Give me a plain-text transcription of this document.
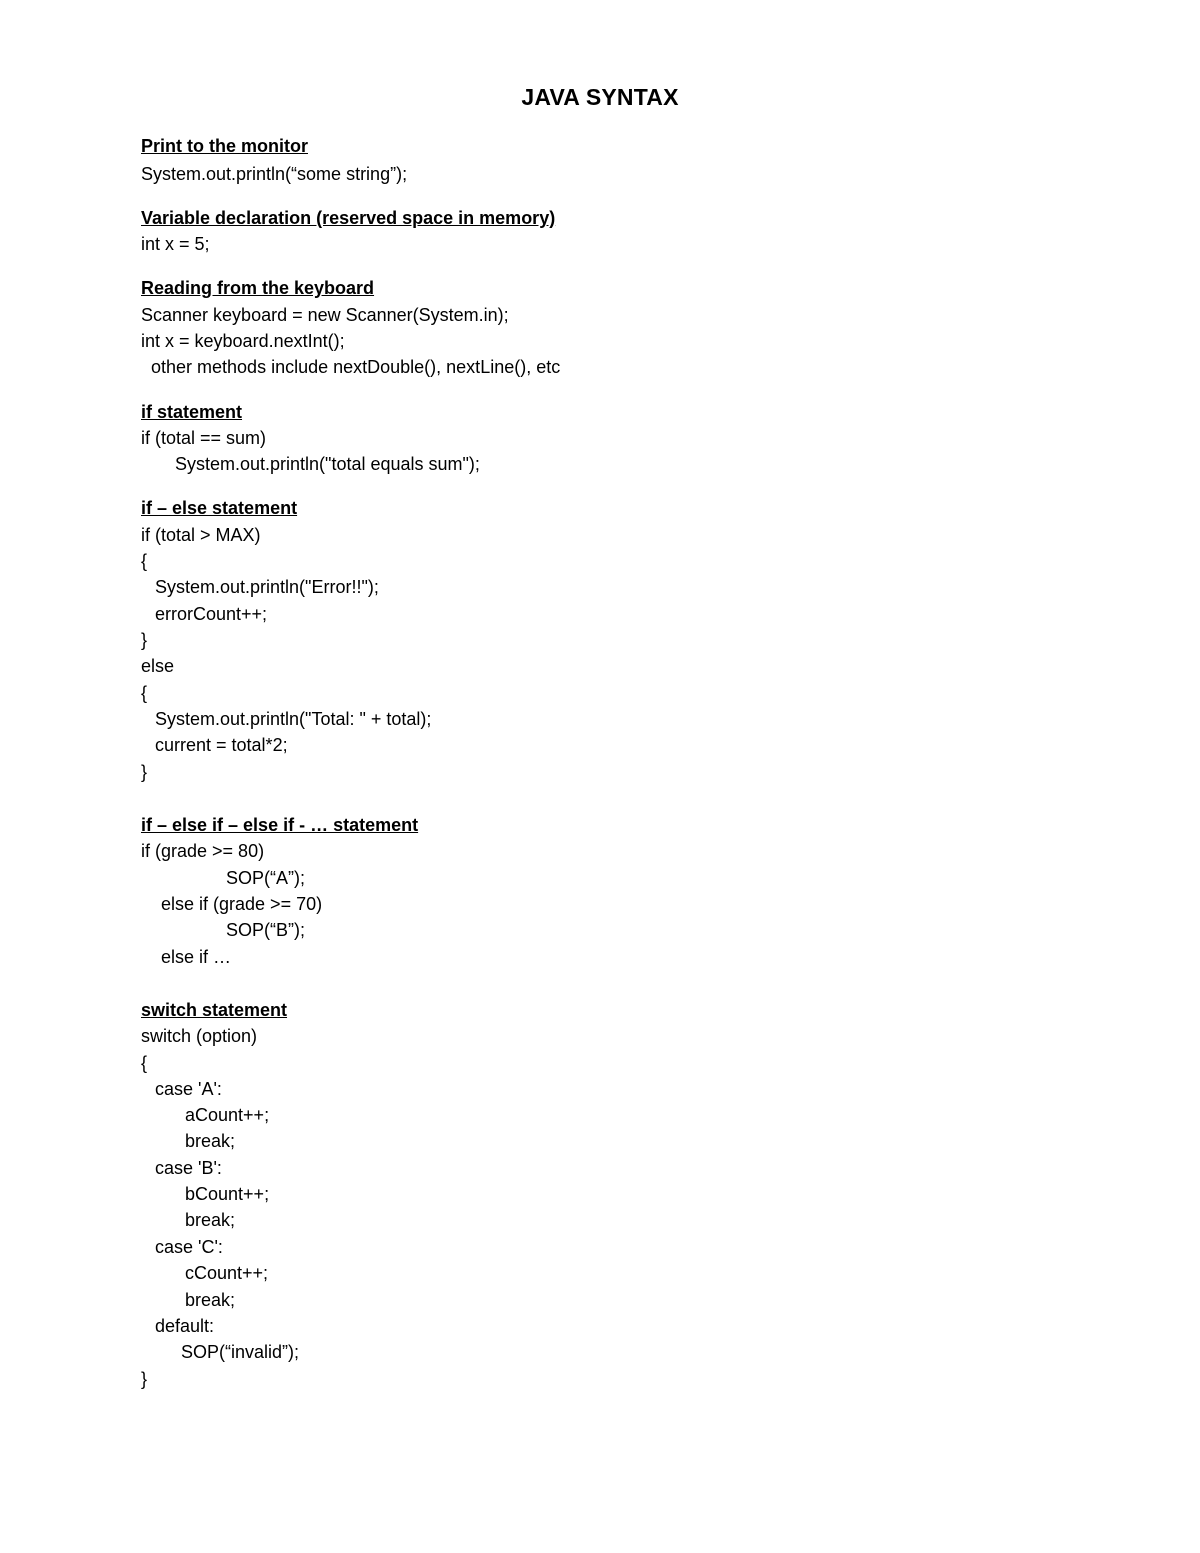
JAVA SYNTAX
Print to the monitor
System.out.println(“some string”);
Variable declaration (reserved space in memory)
int x = 5;
Reading from the keyboard
Scanner keyboard = new Scanner(System.in);
int x = keyboard.nextInt();
other methods include nextDouble(), nextLine(), etc
if statement
if (total == sum)
System.out.println("total equals sum");
if – else statement
if (total > MAX)
{
System.out.println("Error!!");
errorCount++;
}
else
{
System.out.println("Total: " + total);
current = total*2;
}
if – else if – else if - … statement
if (grade >= 80)
SOP(“A”);
else if (grade >= 70)
SOP(“B”);
else if …
switch statement
switch (option)
{
case 'A':
aCount++;
break;
case 'B':
bCount++;
break;
case 'C':
cCount++;
break;
default:
SOP(“invalid”);
}
